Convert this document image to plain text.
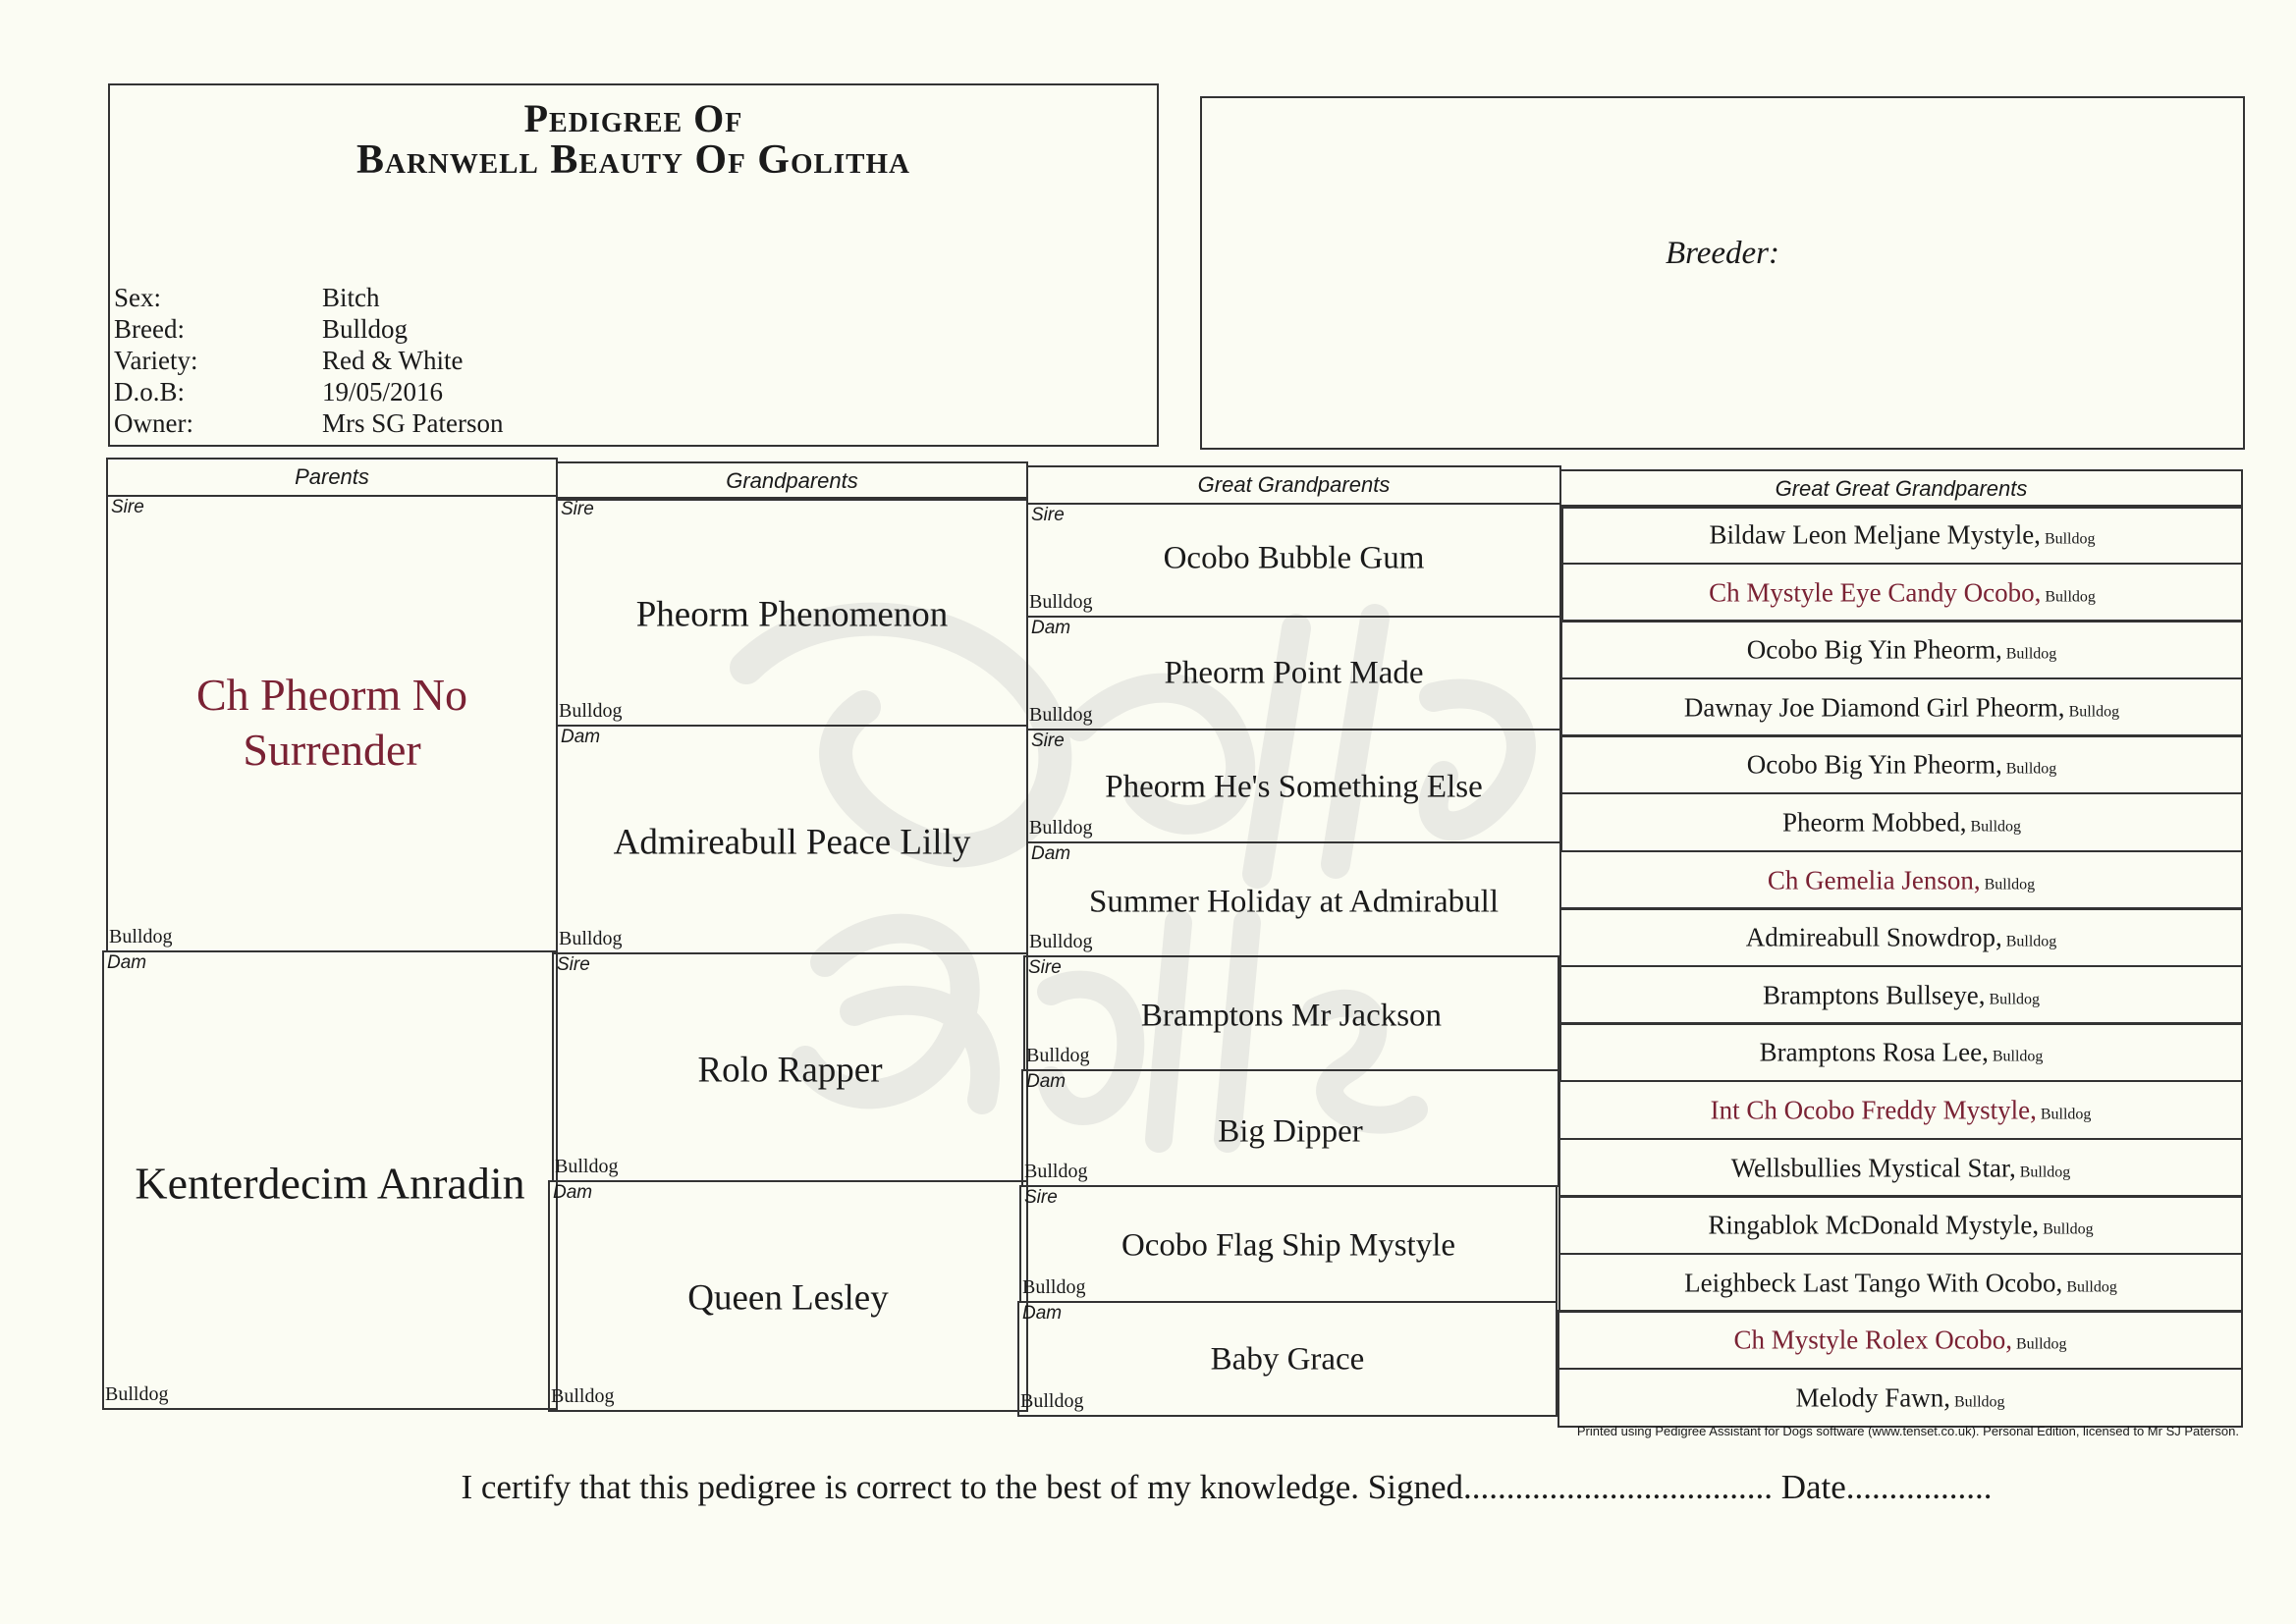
Pedigree Of
Barnwell Beauty Of Golitha
Sex:	Bitch
Breed:	Bulldog
Variety:	Red & White
D.o.B:	19/05/2016
Owner:	Mrs SG Paterson
Breeder:
Parents	Grandparents	Great Grandparents	Great Great Grandparents
Sire
Ch Pheorm No Surrender
Bulldog
Dam
Kenterdecim Anradin
Bulldog
Sire
Pheorm Phenomenon
Bulldog
Dam
Admireabull Peace Lilly
Bulldog
Sire
Rolo Rapper
Bulldog
Dam
Queen Lesley
Bulldog
Sire
Ocobo Bubble Gum
Bulldog
Dam
Pheorm Point Made
Bulldog
Sire
Pheorm He's Something Else
Bulldog
Dam
Summer Holiday at Admirabull
Bulldog
Sire
Bramptons Mr Jackson
Bulldog
Dam
Big Dipper
Bulldog
Sire
Ocobo Flag Ship Mystyle
Bulldog
Dam
Baby Grace
Bulldog
Bildaw Leon Meljane Mystyle, Bulldog
Ch Mystyle Eye Candy Ocobo, Bulldog
Ocobo Big Yin Pheorm, Bulldog
Dawnay Joe Diamond Girl Pheorm, Bulldog
Ocobo Big Yin Pheorm, Bulldog
Pheorm Mobbed, Bulldog
Ch Gemelia Jenson, Bulldog
Admireabull Snowdrop, Bulldog
Bramptons Bullseye, Bulldog
Bramptons Rosa Lee, Bulldog
Int Ch Ocobo Freddy Mystyle, Bulldog
Wellsbullies Mystical Star, Bulldog
Ringablok McDonald Mystyle, Bulldog
Leighbeck Last Tango With Ocobo, Bulldog
Ch Mystyle Rolex Ocobo, Bulldog
Melody Fawn, Bulldog
Printed using Pedigree Assistant for Dogs software (www.tenset.co.uk). Personal Edition, licensed to Mr SJ Paterson.
I certify that this pedigree is correct to the best of my knowledge. Signed.................................... Date.................
